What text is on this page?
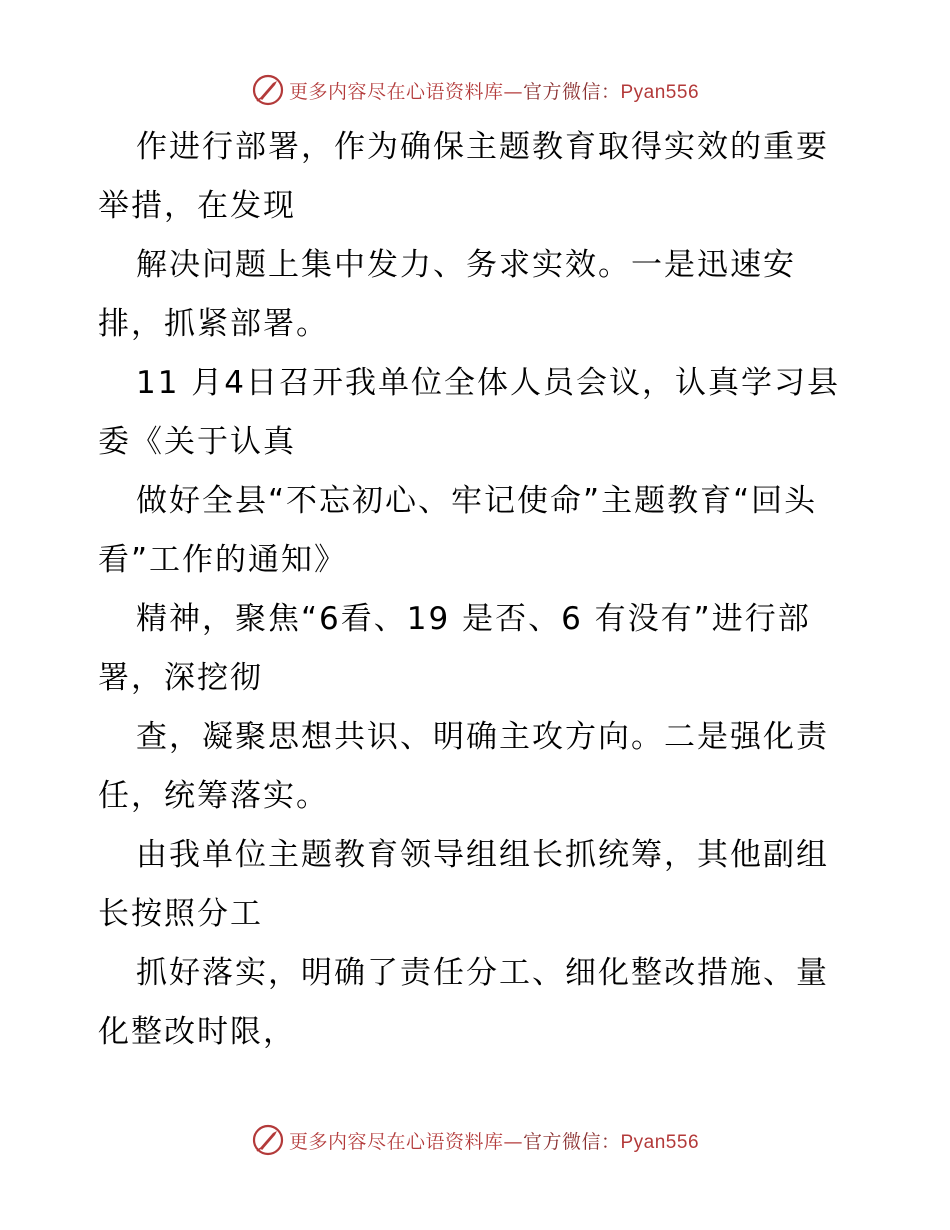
更多内容尽在心语资料库—官方微信：Pyan556

作进行部署，作为确保主题教育取得实效的重要举措，在发现

解决问题上集中发力、务求实效。一是迅速安排，抓紧部署。

11 月4日召开我单位全体人员会议，认真学习县委《关于认真

做好全县“不忘初心、牢记使命”主题教育“回头看”工作的通知》

精神，聚焦“6看、19 是否、6 有没有”进行部署，深挖彻

查，凝聚思想共识、明确主攻方向。二是强化责任，统筹落实。

由我单位主题教育领导组组长抓统筹，其他副组长按照分工

抓好落实，明确了责任分工、细化整改措施、量化整改时限，

更多内容尽在心语资料库—官方微信：Pyan556
